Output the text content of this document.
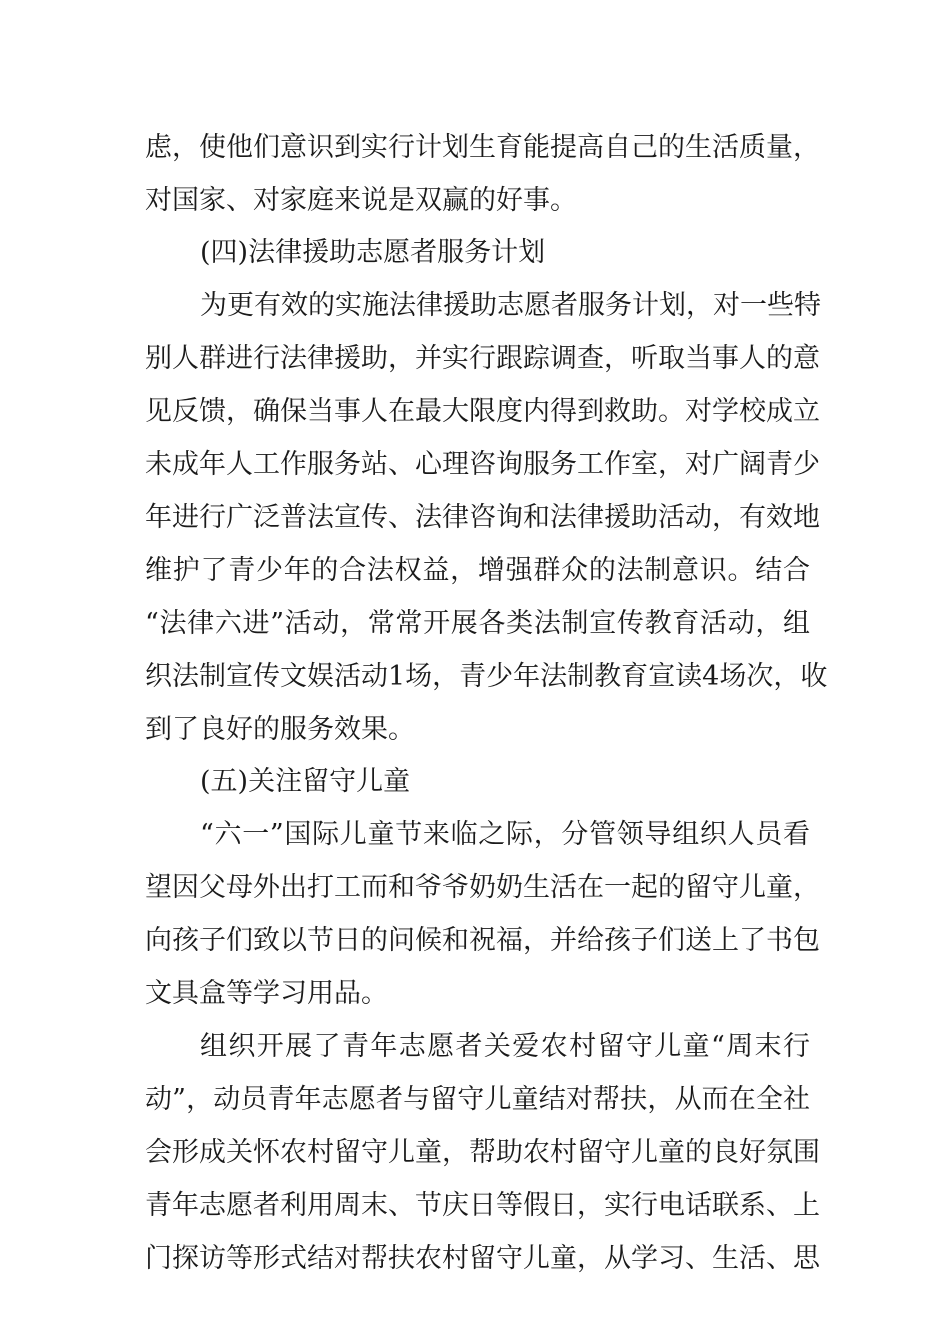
虑，使他们意识到实行计划生育能提高自己的生活质量，
对国家、对家庭来说是双赢的好事。
(四)法律援助志愿者服务计划
为更有效的实施法律援助志愿者服务计划，对一些特
别人群进行法律援助，并实行跟踪调查，听取当事人的意
见反馈，确保当事人在最大限度内得到救助。对学校成立
未成年人工作服务站、心理咨询服务工作室，对广阔青少
年进行广泛普法宣传、法律咨询和法律援助活动，有效地
维护了青少年的合法权益，增强群众的法制意识。结合
“法律六进”活动，常常开展各类法制宣传教育活动，组
织法制宣传文娱活动1场，青少年法制教育宣读4场次，收
到了良好的服务效果。
(五)关注留守儿童
“六一”国际儿童节来临之际，分管领导组织人员看
望因父母外出打工而和爷爷奶奶生活在一起的留守儿童，
向孩子们致以节日的问候和祝福，并给孩子们送上了书包
文具盒等学习用品。
组织开展了青年志愿者关爱农村留守儿童“周末行
动”，动员青年志愿者与留守儿童结对帮扶，从而在全社
会形成关怀农村留守儿童，帮助农村留守儿童的良好氛围
青年志愿者利用周末、节庆日等假日，实行电话联系、上
门探访等形式结对帮扶农村留守儿童，从学习、生活、思
